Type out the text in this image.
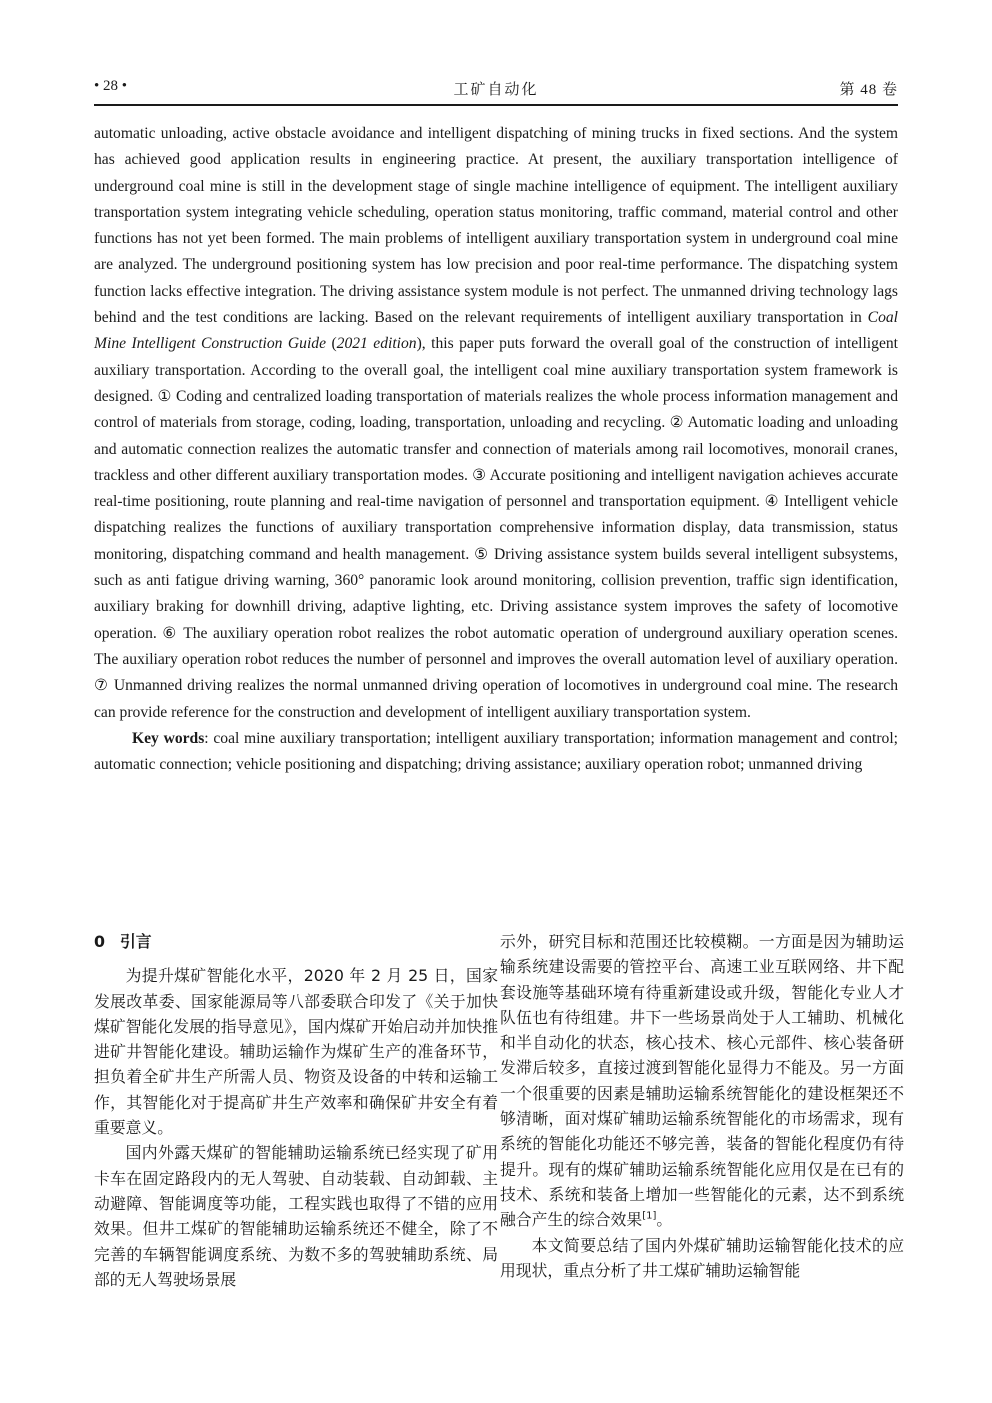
• 28 •	工矿自动化	第 48 卷

automatic unloading, active obstacle avoidance and intelligent dispatching of mining trucks in fixed sections. And the system has achieved good application results in engineering practice. At present, the auxiliary transportation intelligence of underground coal mine is still in the development stage of single machine intelligence of equipment. The intelligent auxiliary transportation system integrating vehicle scheduling, operation status monitoring, traffic command, material control and other functions has not yet been formed. The main problems of intelligent auxiliary transportation system in underground coal mine are analyzed. The underground positioning system has low precision and poor real-time performance. The dispatching system function lacks effective integration. The driving assistance system module is not perfect. The unmanned driving technology lags behind and the test conditions are lacking. Based on the relevant requirements of intelligent auxiliary transportation in Coal Mine Intelligent Construction Guide (2021 edition), this paper puts forward the overall goal of the construction of intelligent auxiliary transportation. According to the overall goal, the intelligent coal mine auxiliary transportation system framework is designed. ① Coding and centralized loading transportation of materials realizes the whole process information management and control of materials from storage, coding, loading, transportation, unloading and recycling. ② Automatic loading and unloading and automatic connection realizes the automatic transfer and connection of materials among rail locomotives, monorail cranes, trackless and other different auxiliary transportation modes. ③ Accurate positioning and intelligent navigation achieves accurate real-time positioning, route planning and real-time navigation of personnel and transportation equipment. ④ Intelligent vehicle dispatching realizes the functions of auxiliary transportation comprehensive information display, data transmission, status monitoring, dispatching command and health management. ⑤ Driving assistance system builds several intelligent subsystems, such as anti fatigue driving warning, 360° panoramic look around monitoring, collision prevention, traffic sign identification, auxiliary braking for downhill driving, adaptive lighting, etc. Driving assistance system improves the safety of locomotive operation. ⑥ The auxiliary operation robot realizes the robot automatic operation of underground auxiliary operation scenes. The auxiliary operation robot reduces the number of personnel and improves the overall automation level of auxiliary operation. ⑦ Unmanned driving realizes the normal unmanned driving operation of locomotives in underground coal mine. The research can provide reference for the construction and development of intelligent auxiliary transportation system.

Key words: coal mine auxiliary transportation; intelligent auxiliary transportation; information management and control; automatic connection; vehicle positioning and dispatching; driving assistance; auxiliary operation robot; unmanned driving

0 引言

为提升煤矿智能化水平，2020 年 2 月 25 日，国家发展改革委、国家能源局等八部委联合印发了《关于加快煤矿智能化发展的指导意见》，国内煤矿开始启动并加快推进矿井智能化建设。辅助运输作为煤矿生产的准备环节，担负着全矿井生产所需人员、物资及设备的中转和运输工作，其智能化对于提高矿井生产效率和确保矿井安全有着重要意义。

国内外露天煤矿的智能辅助运输系统已经实现了矿用卡车在固定路段内的无人驾驶、自动装载、自动卸载、主动避障、智能调度等功能，工程实践也取得了不错的应用效果。但井工煤矿的智能辅助运输系统还不健全，除了不完善的车辆智能调度系统、为数不多的驾驶辅助系统、局部的无人驾驶场景展

示外，研究目标和范围还比较模糊。一方面是因为辅助运输系统建设需要的管控平台、高速工业互联网络、井下配套设施等基础环境有待重新建设或升级，智能化专业人才队伍也有待组建。井下一些场景尚处于人工辅助、机械化和半自动化的状态，核心技术、核心元部件、核心装备研发滞后较多，直接过渡到智能化显得力不能及。另一方面一个很重要的因素是辅助运输系统智能化的建设框架还不够清晰，面对煤矿辅助运输系统智能化的市场需求，现有系统的智能化功能还不够完善，装备的智能化程度仍有待提升。现有的煤矿辅助运输系统智能化应用仅是在已有的技术、系统和装备上增加一些智能化的元素，达不到系统融合产生的综合效果[1]。

本文简要总结了国内外煤矿辅助运输智能化技术的应用现状，重点分析了井工煤矿辅助运输智能
